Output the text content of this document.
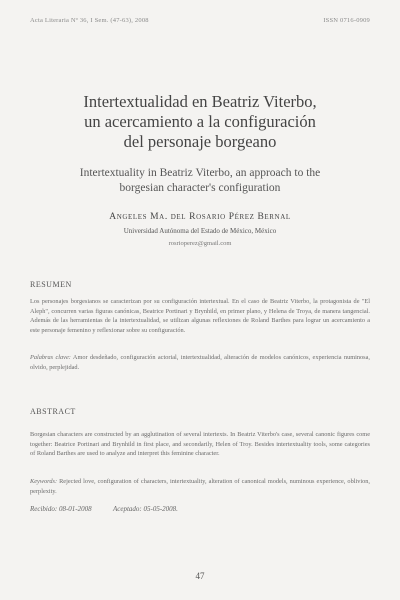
Acta Literaria Nº 36, I Sem. (47-63), 2008	ISSN 0716-0909
Intertextualidad en Beatriz Viterbo,
un acercamiento a la configuración
del personaje borgeano
Intertextuality in Beatriz Viterbo, an approach to the
borgesian character's configuration
Angeles Ma. del Rosario Pérez Bernal
Universidad Autónoma del Estado de México, México
rosrioperez@gmail.com
RESUMEN
Los personajes borgesianos se caracterizan por su configuración intertextual. En el caso de Beatriz Viterbo, la protagonista de "El Aleph", concurren varias figuras canónicas, Beatrice Portinari y Brynhild, en primer plano, y Helena de Troya, de manera tangencial. Además de las herramientas de la intertextualidad, se utilizan algunas reflexiones de Roland Barthes para lograr un acercamiento a este personaje femenino y reflexionar sobre su configuración.
Palabras clave: Amor desdeñado, configuración actorial, intertextualidad, alteración de modelos canónicos, experiencia numinosa, olvido, perplejidad.
ABSTRACT
Borgesian characters are constructed by an agglutination of several intertexts. In Beatriz Viterbo's case, several canonic figures come together: Beatrice Portinari and Brynhild in first place, and secondarily, Helen of Troy. Besides intertextuality tools, some categories of Roland Barthes are used to analyze and interpret this feminine character.
Keywords: Rejected love, configuration of characters, intertextuality, alteration of canonical models, numinous experience, oblivion, perplexity.
Recibido: 08-01-2008	Aceptado: 05-05-2008.
47
